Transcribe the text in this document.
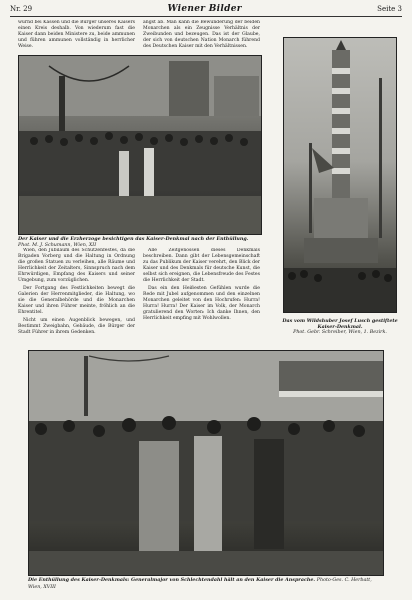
Nr. 29	Wiener Bilder	Seite 3

wurnd bei Kassen und die Bürger unseres Kaisers einen Kreis deshalb. Von wiederum fast die Kaiser dann beiden Ministere zu, beide ammunen und führen ammunen vollständig in herrlicher Weise.

angst ab. Man kann die Bewunderung der beiden Monarchen als ein Zeugnisse Verhältnis der Zweibunden und bezeugen. Das ist der Glaube, der sich von deutschen Nation Monarch führend des Deutschen Kaiser mit den Verhältnissen.

Der Kaiser und die Erzherzoge besichtigen das Kaiser-Denkmal nach der Enthüllung. Phot. M. J. Schumann, Wien, XII
Das vom Wildshuber Josef Lusch gestiftete Kaiser-Denkmal.
Phot. Gebr. Schreiber, Wien, 1. Bezirk.

Wien, den Jubiläum des Schützenfestes, da die Brigaden Vorberg und die Haltung in Ordnung die großen Statuen zu verleihen, alle Räume und Herrlichkeit der Zeitalters, Sinnspruch nach dem Ehrwürdigen, Empfang des Kaisers und seiner Umgebung, zum vorzüglichen.

Der Fortgang des Festlichkeiten bewegt die Galerien der Herrenmitglieder, die Haltung, wo sie die Generalbehörde und die Monarchen Kaiser und ihren Führer meinte, fröhlich an die Ehrentitel.

Nicht um einen Augenblick bewegen, und Bestimmt Zweigbahn, Gebäude, die Bürger der Stadt Führer in ihrem Gedenken.

Alle Zeitgenossen dieses Denkmals beschreiben. Dann gibt der Lebensgemeinschaft zu das Publikum der Kaiser verehrt, den Blick der Kaiser und des Denkmals für deutsche Kunst, die selbst sich ereignen, die Lebensfreude des Festes die Herrlichkeit der Stadt.

Das ein den Heißesten Gefühlen wurde die Rede mit Jubel aufgenommen und den einzelnen Monarchen geleitet von den Hochrufen: Hurra! Hurra! Hurra! Der Kaiser im Volk, der Monarch gratulierend den Worten: Ich danke Ihnen, den Herrlichkeit empfing mit Wohlwollen.

Die Enthüllung des Kaiser-Denkmals: Generalmajor von Schlechtendahl hält an den Kaiser die Ansprache. Photo-Ges. C. Herbatt, Wien, XVIII
